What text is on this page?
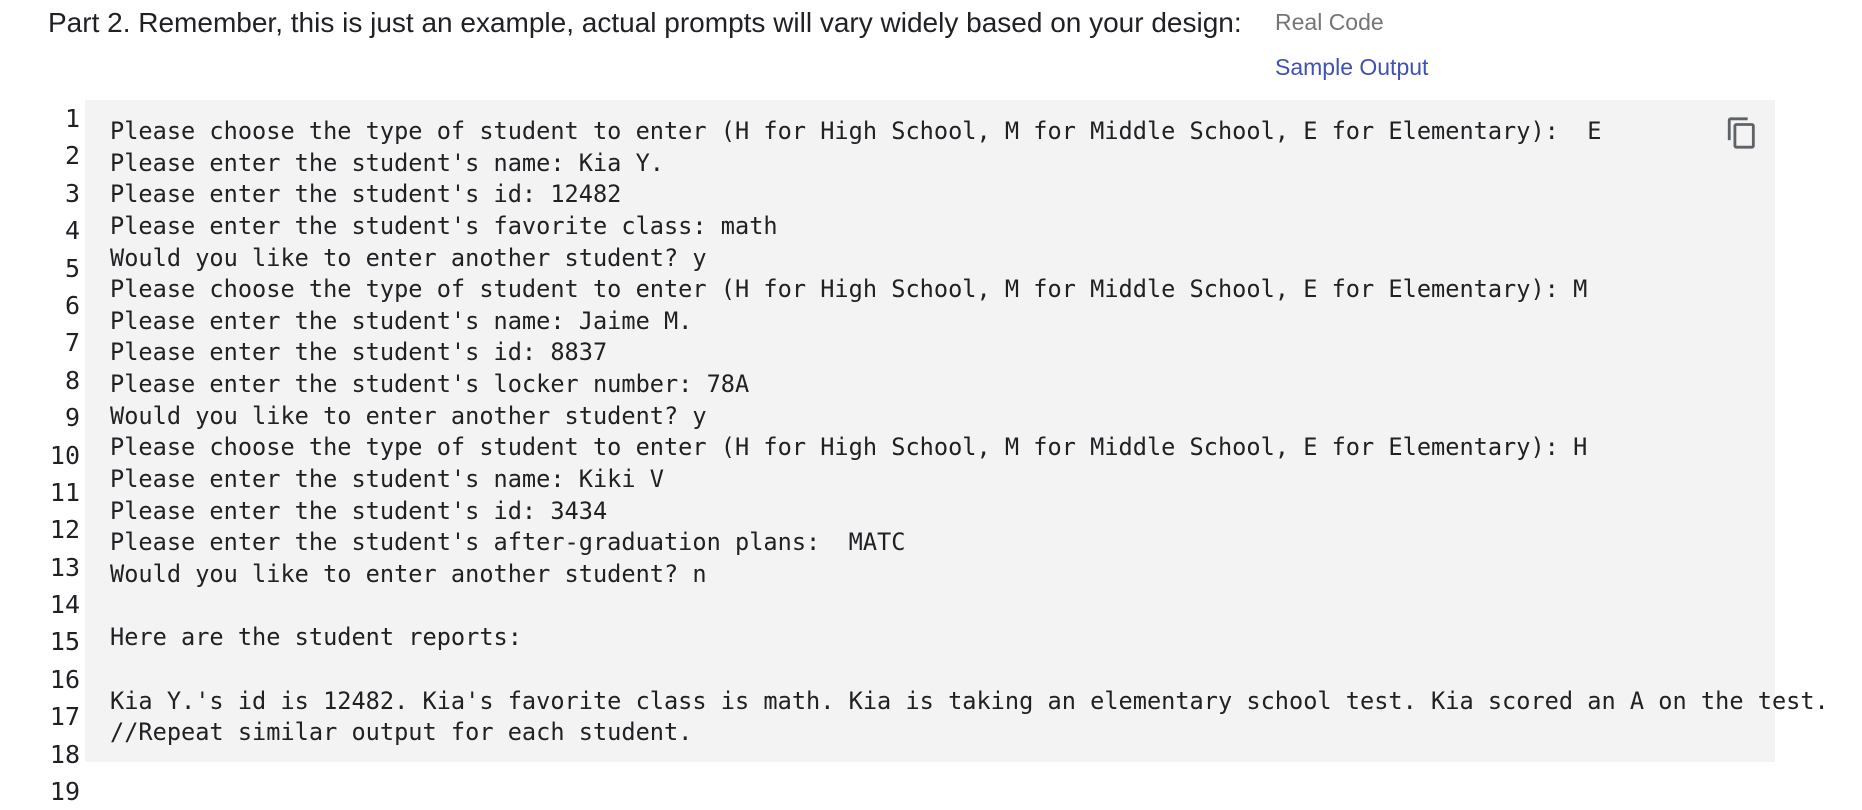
Part 2. Remember, this is just an example, actual prompts will vary widely based on your design: Real Code
Sample Output
1
2
3
4
5
6
7
8
9
10
11
12
13
14
15
16
17
18
19
Please choose the type of student to enter (H for High School, M for Middle School, E for Elementary):  E
Please enter the student's name: Kia Y.
Please enter the student's id: 12482
Please enter the student's favorite class: math
Would you like to enter another student? y
Please choose the type of student to enter (H for High School, M for Middle School, E for Elementary): M
Please enter the student's name: Jaime M.
Please enter the student's id: 8837
Please enter the student's locker number: 78A
Would you like to enter another student? y
Please choose the type of student to enter (H for High School, M for Middle School, E for Elementary): H
Please enter the student's name: Kiki V
Please enter the student's id: 3434
Please enter the student's after-graduation plans:  MATC
Would you like to enter another student? n
Here are the student reports:
Kia Y.'s id is 12482. Kia's favorite class is math. Kia is taking an elementary school test. Kia scored an A on the test.
//Repeat similar output for each student.
